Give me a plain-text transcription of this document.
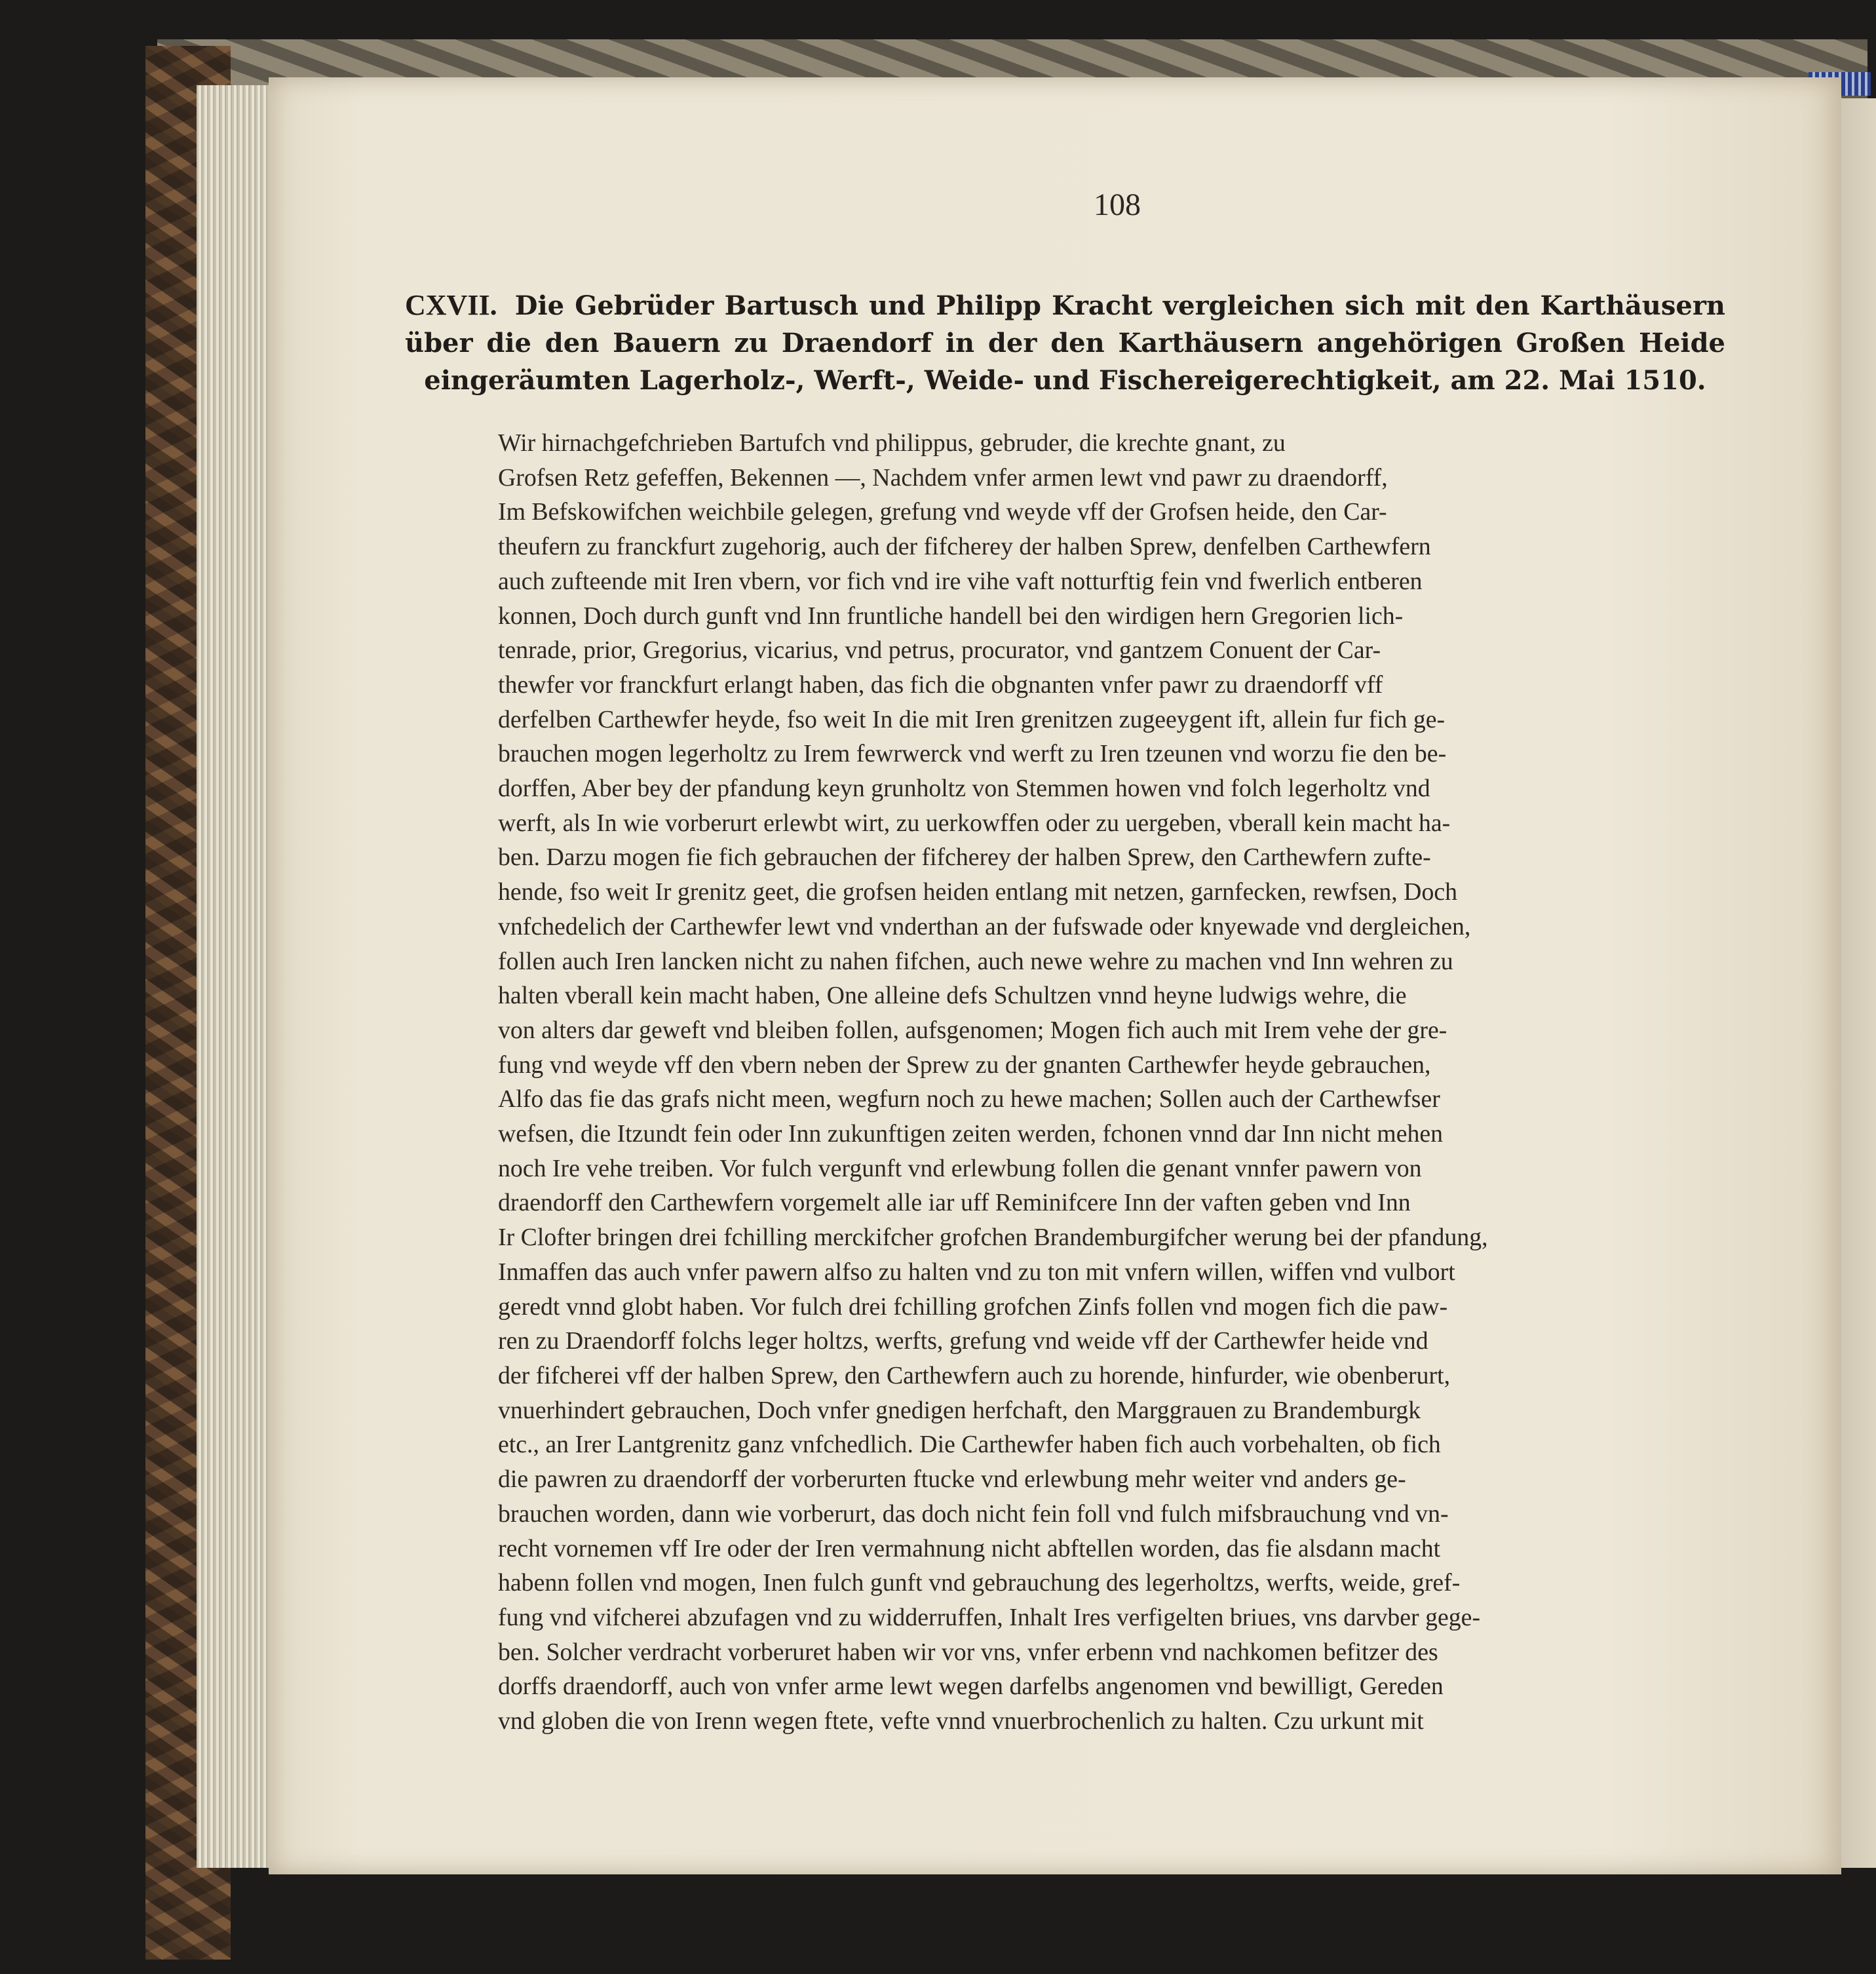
108
CXVII. Die Gebrüder Bartusch und Philipp Kracht vergleichen sich mit den Karthäusern über die den Bauern zu Draendorf in der den Karthäusern angehörigen Großen Heide eingeräumten Lagerholz-, Werft-, Weide- und Fischereigerechtigkeit, am 22. Mai 1510.
Wir hirnachgefchrieben Bartufch vnd philippus, gebruder, die krechte gnant, zu
Grofsen Retz gefeffen, Bekennen —, Nachdem vnfer armen lewt vnd pawr zu draendorff,
Im Befskowifchen weichbile gelegen, grefung vnd weyde vff der Grofsen heide, den Car-
theufern zu franckfurt zugehorig, auch der fifcherey der halben Sprew, denfelben Carthewfern
auch zufteende mit Iren vbern, vor fich vnd ire vihe vaft notturftig fein vnd fwerlich entberen
konnen, Doch durch gunft vnd Inn fruntliche handell bei den wirdigen hern Gregorien lich-
tenrade, prior, Gregorius, vicarius, vnd petrus, procurator, vnd gantzem Conuent der Car-
thewfer vor franckfurt erlangt haben, das fich die obgnanten vnfer pawr zu draendorff vff
derfelben Carthewfer heyde, fso weit In die mit Iren grenitzen zugeeygent ift, allein fur fich ge-
brauchen mogen legerholtz zu Irem fewrwerck vnd werft zu Iren tzeunen vnd worzu fie den be-
dorffen, Aber bey der pfandung keyn grunholtz von Stemmen howen vnd folch legerholtz vnd
werft, als In wie vorberurt erlewbt wirt, zu uerkowffen oder zu uergeben, vberall kein macht ha-
ben. Darzu mogen fie fich gebrauchen der fifcherey der halben Sprew, den Carthewfern zufte-
hende, fso weit Ir grenitz geet, die grofsen heiden entlang mit netzen, garnfecken, rewfsen, Doch
vnfchedelich der Carthewfer lewt vnd vnderthan an der fufswade oder knyewade vnd dergleichen,
follen auch Iren lancken nicht zu nahen fifchen, auch newe wehre zu machen vnd Inn wehren zu
halten vberall kein macht haben, One alleine defs Schultzen vnnd heyne ludwigs wehre, die
von alters dar geweft vnd bleiben follen, aufsgenomen; Mogen fich auch mit Irem vehe der gre-
fung vnd weyde vff den vbern neben der Sprew zu der gnanten Carthewfer heyde gebrauchen,
Alfo das fie das grafs nicht meen, wegfurn noch zu hewe machen; Sollen auch der Carthewfser
wefsen, die Itzundt fein oder Inn zukunftigen zeiten werden, fchonen vnnd dar Inn nicht mehen
noch Ire vehe treiben. Vor fulch vergunft vnd erlewbung follen die genant vnnfer pawern von
draendorff den Carthewfern vorgemelt alle iar uff Reminifcere Inn der vaften geben vnd Inn
Ir Clofter bringen drei fchilling merckifcher grofchen Brandemburgifcher werung bei der pfandung,
Inmaffen das auch vnfer pawern alfso zu halten vnd zu ton mit vnfern willen, wiffen vnd vulbort
geredt vnnd globt haben. Vor fulch drei fchilling grofchen Zinfs follen vnd mogen fich die paw-
ren zu Draendorff folchs leger holtzs, werfts, grefung vnd weide vff der Carthewfer heide vnd
der fifcherei vff der halben Sprew, den Carthewfern auch zu horende, hinfurder, wie obenberurt,
vnuerhindert gebrauchen, Doch vnfer gnedigen herfchaft, den Marggrauen zu Brandemburgk
etc., an Irer Lantgrenitz ganz vnfchedlich. Die Carthewfer haben fich auch vorbehalten, ob fich
die pawren zu draendorff der vorberurten ftucke vnd erlewbung mehr weiter vnd anders ge-
brauchen worden, dann wie vorberurt, das doch nicht fein foll vnd fulch mifsbrauchung vnd vn-
recht vornemen vff Ire oder der Iren vermahnung nicht abftellen worden, das fie alsdann macht
habenn follen vnd mogen, Inen fulch gunft vnd gebrauchung des legerholtzs, werfts, weide, gref-
fung vnd vifcherei abzufagen vnd zu widderruffen, Inhalt Ires verfigelten briues, vns darvber gege-
ben. Solcher verdracht vorberuret haben wir vor vns, vnfer erbenn vnd nachkomen befitzer des
dorffs draendorff, auch von vnfer arme lewt wegen darfelbs angenomen vnd bewilligt, Gereden
vnd globen die von Irenn wegen ftete, vefte vnnd vnuerbrochenlich zu halten. Czu urkunt mit
